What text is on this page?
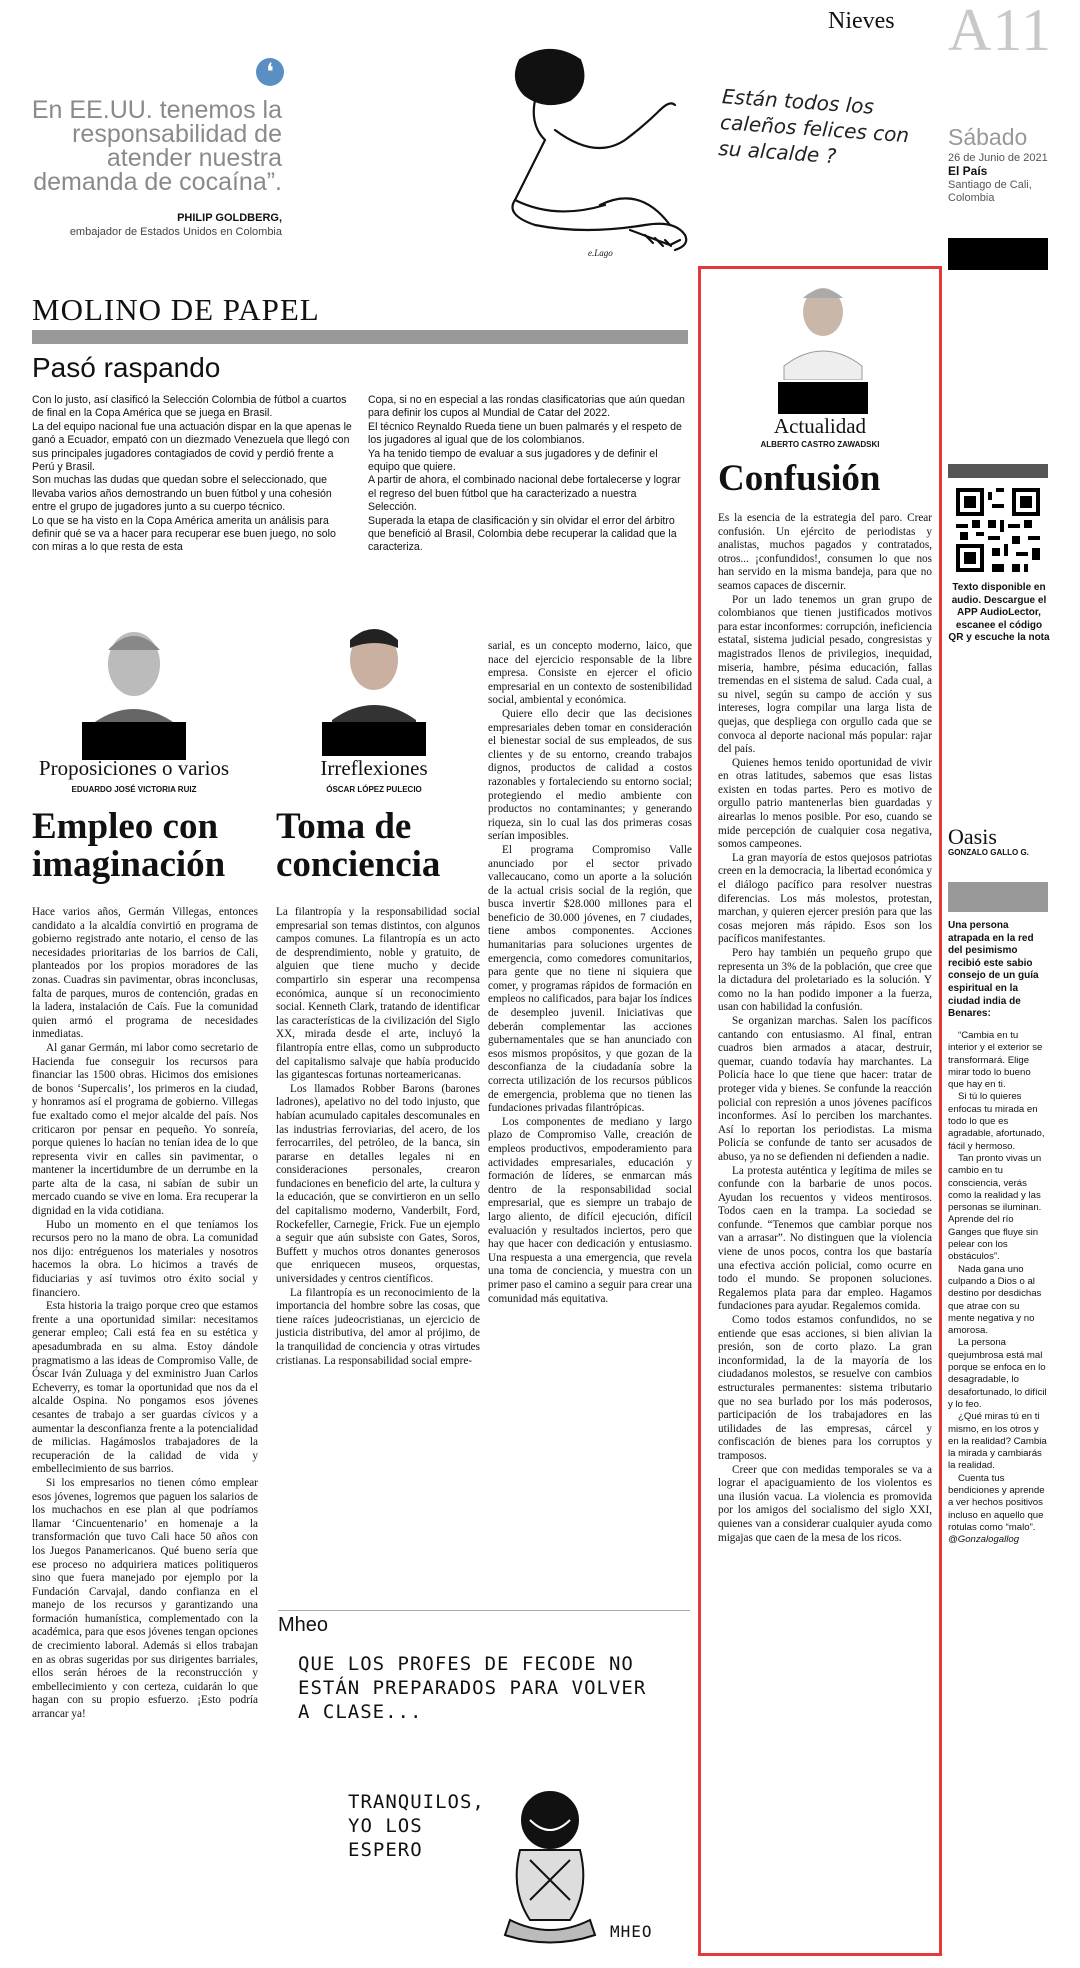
Nieves A11
❛
En EE.UU. tenemos la responsabilidad de atender nuestra demanda de cocaína”.
PHILIP GOLDBERG,
embajador de Estados Unidos en Colombia
Están todos los caleños felices con su alcalde ?
e.Lago
Sábado
26 de Junio de 2021
El País
Santiago de Cali, Colombia
MOLINO DE PAPEL
Pasó raspando

Con lo justo, así clasificó la Selección Colombia de fútbol a cuartos de final en la Copa América que se juega en Brasil.

La del equipo nacional fue una actuación dispar en la que apenas le ganó a Ecuador, empató con un diezmado Venezuela que llegó con sus principales jugadores contagiados de covid y perdió frente a Perú y Brasil.

Son muchas las dudas que quedan sobre el seleccionado, que llevaba varios años demostrando un buen fútbol y una cohesión entre el grupo de jugadores junto a su cuerpo técnico.

Lo que se ha visto en la Copa América amerita un análisis para definir qué se va a hacer para recuperar ese buen juego, no solo con miras a lo que resta de esta

Copa, si no en especial a las rondas clasificatorias que aún quedan para definir los cupos al Mundial de Catar del 2022.

El técnico Reynaldo Rueda tiene un buen palmarés y el respeto de los jugadores al igual que de los colombianos.

Ya ha tenido tiempo de evaluar a sus jugadores y de definir el equipo que quiere.

A partir de ahora, el combinado nacional debe fortalecerse y lograr el regreso del buen fútbol que ha caracterizado a nuestra Selección.

Superada la etapa de clasificación y sin olvidar el error del árbitro que benefició al Brasil, Colombia debe recuperar la calidad que la caracteriza.

Proposiciones o varios
EDUARDO JOSÉ VICTORIA RUIZ
Empleo con imaginación

Hace varios años, Germán Villegas, entonces candidato a la alcaldía convirtió en programa de gobierno registrado ante notario, el censo de las necesidades prioritarias de los barrios de Cali, planteados por los propios moradores de las zonas. Cuadras sin pavimentar, obras inconclusas, falta de parques, muros de contención, gradas en la ladera, instalación de Caís. Fue la comunidad quien armó el programa de necesidades inmediatas.

Al ganar Germán, mi labor como secretario de Hacienda fue conseguir los recursos para financiar las 1500 obras. Hicimos dos emisiones de bonos ‘Supercalis’, los primeros en la ciudad, y honramos así el programa de gobierno. Villegas fue exaltado como el mejor alcalde del país. Nos criticaron por pensar en pequeño. Yo sonreía, porque quienes lo hacían no tenían idea de lo que representa vivir en calles sin pavimentar, o mantener la incertidumbre de un derrumbe en la parte alta de la casa, ni sabían de subir un mercado cuando se vive en loma. Era recuperar la dignidad en la vida cotidiana.

Hubo un momento en el que teníamos los recursos pero no la mano de obra. La comunidad nos dijo: entréguenos los materiales y nosotros hacemos la obra. Lo hicimos a través de fiduciarias y así tuvimos otro éxito social y financiero.

Esta historia la traigo porque creo que estamos frente a una oportunidad similar: necesitamos generar empleo; Cali está fea en su estética y apesadumbrada en su alma. Estoy dándole pragmatismo a las ideas de Compromiso Valle, de Óscar Iván Zuluaga y del exministro Juan Carlos Echeverry, es tomar la oportunidad que nos da el alcalde Ospina. No pongamos esos jóvenes cesantes de trabajo a ser guardas cívicos y a aumentar la desconfianza frente a la potencialidad de milicias. Hagámoslos trabajadores de la recuperación de la calidad de vida y embellecimiento de sus barrios.

Si los empresarios no tienen cómo emplear esos jóvenes, logremos que paguen los salarios de los muchachos en ese plan al que podríamos llamar ‘Cincuentenario’ en homenaje a la transformación que tuvo Cali hace 50 años con los Juegos Panamericanos. Qué bueno sería que ese proceso no adquiriera matices politiqueros sino que fuera manejado por ejemplo por la Fundación Carvajal, dando confianza en el manejo de los recursos y garantizando una formación humanística, complementado con la académica, para que esos jóvenes tengan opciones de crecimiento laboral. Además si ellos trabajan en as obras sugeridas por sus dirigentes barriales, ellos serán héroes de la reconstrucción y embellecimiento y con certeza, cuidarán lo que hagan con su propio esfuerzo. ¡Esto podría arrancar ya!

Irreflexiones
ÓSCAR LÓPEZ PULECIO
Toma de conciencia

La filantropía y la responsabilidad social empresarial son temas distintos, con algunos campos comunes. La filantropía es un acto de desprendimiento, noble y gratuito, de alguien que tiene mucho y decide compartirlo sin esperar una recompensa económica, aunque sí un reconocimiento social. Kenneth Clark, tratando de identificar las características de la civilización del Siglo XX, mirada desde el arte, incluyó la filantropía entre ellas, como un subproducto del capitalismo salvaje que había producido las gigantescas fortunas norteamericanas.

Los llamados Robber Barons (barones ladrones), apelativo no del todo injusto, que habían acumulado capitales descomunales en las industrias ferroviarias, del acero, de los ferrocarriles, del petróleo, de la banca, sin pararse en detalles legales ni en consideraciones personales, crearon fundaciones en beneficio del arte, la cultura y la educación, que se convirtieron en un sello del capitalismo moderno, Vanderbilt, Ford, Rockefeller, Carnegie, Frick. Fue un ejemplo a seguir que aún subsiste con Gates, Soros, Buffett y muchos otros donantes generosos que enriquecen museos, orquestas, universidades y centros científicos.

La filantropía es un reconocimiento de la importancia del hombre sobre las cosas, que tiene raíces judeocristianas, un ejercicio de justicia distributiva, del amor al prójimo, de la tranquilidad de conciencia y otras virtudes cristianas. La responsabilidad social empre-

sarial, es un concepto moderno, laico, que nace del ejercicio responsable de la libre empresa. Consiste en ejercer el oficio empresarial en un contexto de sostenibilidad social, ambiental y económica.

Quiere ello decir que las decisiones empresariales deben tomar en consideración el bienestar social de sus empleados, de sus clientes y de su entorno, creando trabajos dignos, productos de calidad a costos razonables y fortaleciendo su entorno social; protegiendo el medio ambiente con productos no contaminantes; y generando riqueza, sin lo cual las dos primeras cosas serían imposibles.

El programa Compromiso Valle anunciado por el sector privado vallecaucano, como un aporte a la solución de la actual crisis social de la región, que busca invertir $28.000 millones para el beneficio de 30.000 jóvenes, en 7 ciudades, tiene ambos componentes. Acciones humanitarias para soluciones urgentes de emergencia, como comedores comunitarios, para gente que no tiene ni siquiera que comer, y programas rápidos de formación en empleos no calificados, para bajar los índices de desempleo juvenil. Iniciativas que deberán complementar las acciones gubernamentales que se han anunciado con esos mismos propósitos, y que gozan de la desconfianza de la ciudadanía sobre la correcta utilización de los recursos públicos de emergencia, problema que no tienen las fundaciones privadas filantrópicas.

Los componentes de mediano y largo plazo de Compromiso Valle, creación de empleos productivos, empoderamiento para actividades empresariales, educación y formación de líderes, se enmarcan más dentro de la responsabilidad social empresarial, que es siempre un trabajo de largo aliento, de difícil ejecución, difícil evaluación y resultados inciertos, pero que hay que hacer con dedicación y entusiasmo. Una respuesta a una emergencia, que revela una toma de conciencia, y muestra con un primer paso el camino a seguir para crear una comunidad más equitativa.

Mheo
QUE LOS PROFES DE FECODE NO ESTÁN PREPARADOS PARA VOLVER A CLASE...
TRANQUILOS, YO LOS ESPERO
MHEO
Actualidad
ALBERTO CASTRO ZAWADSKI
Confusión

Es la esencia de la estrategia del paro. Crear confusión. Un ejército de periodistas y analistas, muchos pagados y contratados, otros... ¡confundidos!, consumen lo que nos han servido en la misma bandeja, para que no seamos capaces de discernir.

Por un lado tenemos un gran grupo de colombianos que tienen justificados motivos para estar inconformes: corrupción, ineficiencia estatal, sistema judicial pesado, congresistas y magistrados llenos de privilegios, inequidad, miseria, hambre, pésima educación, fallas tremendas en el sistema de salud. Cada cual, a su nivel, según su campo de acción y sus intereses, logra compilar una larga lista de quejas, que despliega con orgullo cada que se convoca al deporte nacional más popular: rajar del país.

Quienes hemos tenido oportunidad de vivir en otras latitudes, sabemos que esas listas existen en todas partes. Pero es motivo de orgullo patrio mantenerlas bien guardadas y airearlas lo menos posible. Por eso, cuando se mide percepción de cualquier cosa negativa, somos campeones.

La gran mayoría de estos quejosos patriotas creen en la democracia, la libertad económica y el diálogo pacífico para resolver nuestras diferencias. Los más molestos, protestan, marchan, y quieren ejercer presión para que las cosas mejoren más rápido. Esos son los pacíficos manifestantes.

Pero hay también un pequeño grupo que representa un 3% de la población, que cree que la dictadura del proletariado es la solución. Y como no la han podido imponer a la fuerza, usan con habilidad la confusión.

Se organizan marchas. Salen los pacíficos cantando con entusiasmo. Al final, entran cuadros bien armados a atacar, destruir, quemar, cuando todavía hay marchantes. La Policía hace lo que tiene que hacer: tratar de proteger vida y bienes. Se confunde la reacción policial con represión a unos jóvenes pacíficos inconformes. Así lo perciben los marchantes. Así lo reportan los periodistas. La misma Policía se confunde de tanto ser acusados de abuso, ya no se defienden ni defienden a nadie.

La protesta auténtica y legítima de miles se confunde con la barbarie de unos pocos. Ayudan los recuentos y videos mentirosos. Todos caen en la trampa. La sociedad se confunde. “Tenemos que cambiar porque nos van a arrasar”. No distinguen que la violencia viene de unos pocos, contra los que bastaría una efectiva acción policial, como ocurre en todo el mundo. Se proponen soluciones. Regalemos plata para dar empleo. Hagamos fundaciones para ayudar. Regalemos comida.

Como todos estamos confundidos, no se entiende que esas acciones, si bien alivian la presión, son de corto plazo. La gran inconformidad, la de la mayoría de los ciudadanos molestos, se resuelve con cambios estructurales permanentes: sistema tributario que no sea burlado por los más poderosos, participación de los trabajadores en las utilidades de las empresas, cárcel y confiscación de bienes para los corruptos y tramposos.

Creer que con medidas temporales se va a lograr el apaciguamiento de los violentos es una ilusión vacua. La violencia es promovida por los amigos del socialismo del siglo XXI, quienes van a considerar cualquier ayuda como migajas que caen de la mesa de los ricos.

Texto disponible en audio. Descargue el APP AudioLector, escanee el código QR y escuche la nota
Oasis
GONZALO GALLO G.
Una persona atrapada en la red del pesimismo recibió este sabio consejo de un guía espiritual en la ciudad india de Benares:

“Cambia en tu interior y el exterior se transformará. Elige mirar todo lo bueno que hay en ti.

Si tú lo quieres enfocas tu mirada en todo lo que es agradable, afortunado, fácil y hermoso.

Tan pronto vivas un cambio en tu consciencia, verás como la realidad y las personas se iluminan. Aprende del río Ganges que fluye sin pelear con los obstáculos”.

Nada gana uno culpando a Dios o al destino por desdichas que atrae con su mente negativa y no amorosa.

La persona quejumbrosa está mal porque se enfoca en lo desagradable, lo desafortunado, lo difícil y lo feo.

¿Qué miras tú en ti mismo, en los otros y en la realidad? Cambia la mirada y cambiarás la realidad.

Cuenta tus bendiciones y aprende a ver hechos positivos incluso en aquello que rotulas como “malo”.

@Gonzalogallog
